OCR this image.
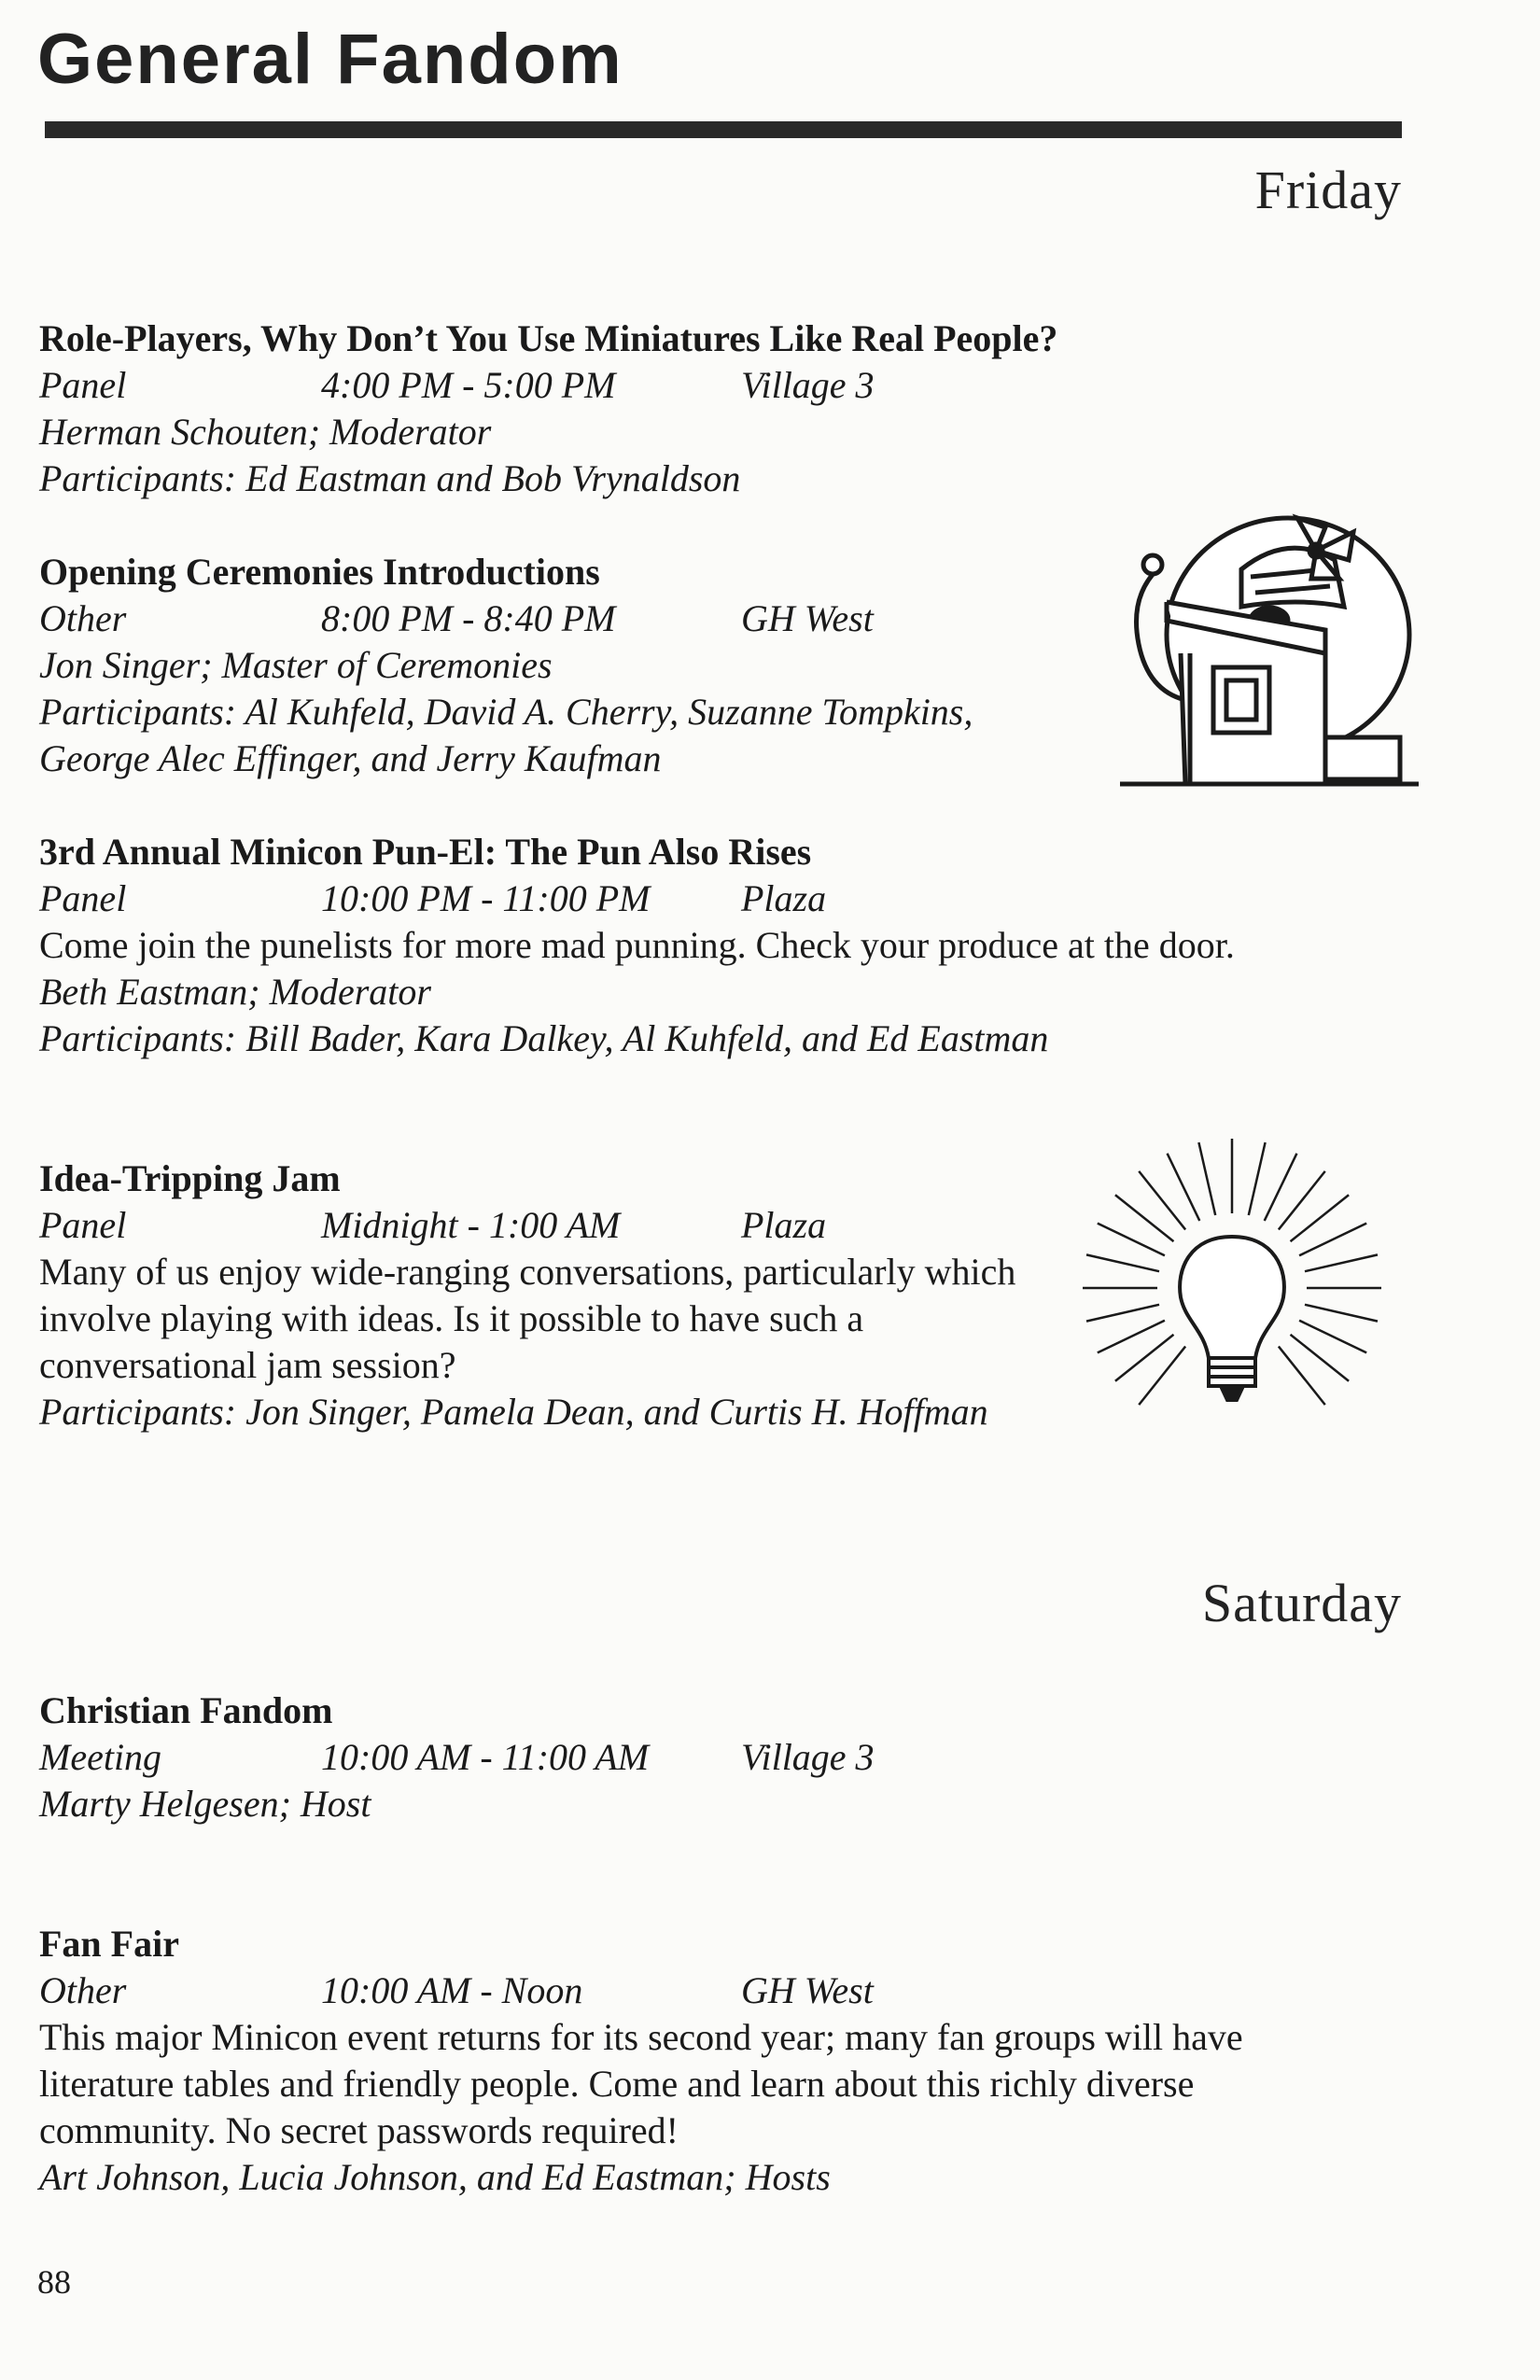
General Fandom
Friday
Role-Players, Why Don’t You Use Miniatures Like Real People?
Panel	4:00 PM - 5:00 PM	Village 3
Herman Schouten; Moderator
Participants: Ed Eastman and Bob Vrynaldson
Opening Ceremonies Introductions
Other	8:00 PM - 8:40 PM	GH West
Jon Singer; Master of Ceremonies
Participants: Al Kuhfeld, David A. Cherry, Suzanne Tompkins,
George Alec Effinger, and Jerry Kaufman
3rd Annual Minicon Pun-El: The Pun Also Rises
Panel	10:00 PM - 11:00 PM Plaza
Come join the punelists for more mad punning. Check your produce at the door.
Beth Eastman; Moderator
Participants: Bill Bader, Kara Dalkey, Al Kuhfeld, and Ed Eastman
Idea-Tripping Jam
Panel	Midnight - 1:00 AM	Plaza
Many of us enjoy wide-ranging conversations, particularly which involve playing with ideas. Is it possible to have such a conversational jam session?
Participants: Jon Singer, Pamela Dean, and Curtis H. Hoffman
Saturday
Christian Fandom
Meeting	10:00 AM - 11:00 AM Village 3
Marty Helgesen; Host
Fan Fair
Other	10:00 AM - Noon	GH West
This major Minicon event returns for its second year; many fan groups will have literature tables and friendly people. Come and learn about this richly diverse community. No secret passwords required!
Art Johnson, Lucia Johnson, and Ed Eastman; Hosts
88
